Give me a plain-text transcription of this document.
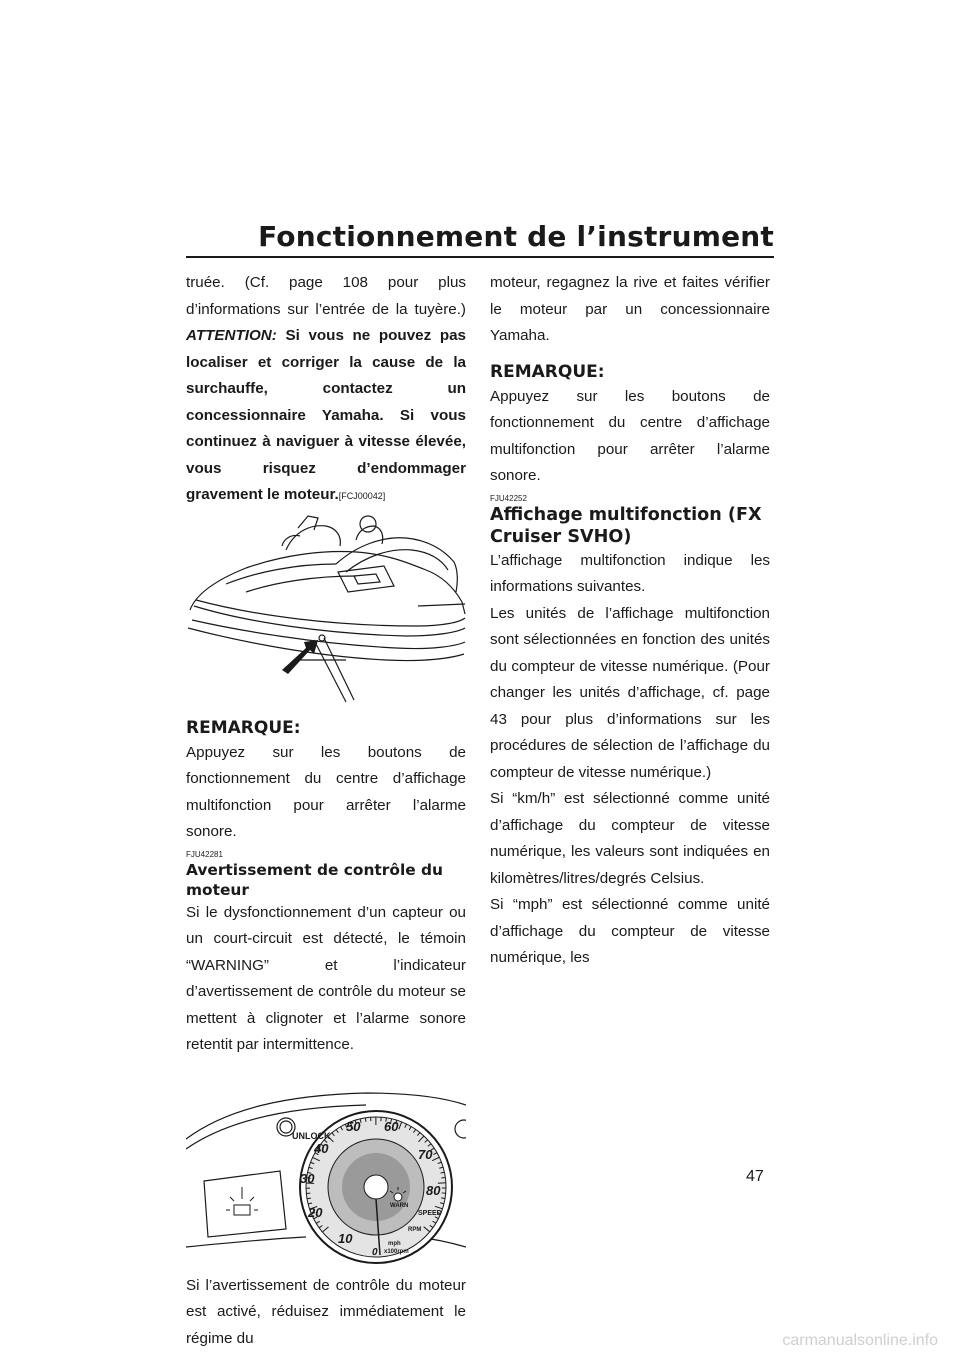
Fonctionnement de l’instrument

truée. (Cf. page 108 pour plus d’informations sur l’entrée de la tuyère.) ATTENTION: Si vous ne pouvez pas localiser et corriger la cause de la surchauffe, contactez un concessionnaire Yamaha. Si vous continuez à naviguer à vitesse élevée, vous risquez d’endommager gravement le moteur.[FCJ00042]

REMARQUE:

Appuyez sur les boutons de fonctionnement du centre d’affichage multifonction pour arrêter l’alarme sonore.

FJU42281
Avertissement de contrôle du moteur

Si le dysfonctionnement d’un capteur ou un court-circuit est détecté, le témoin “WARNING” et l’indicateur d’avertissement de contrôle du moteur se mettent à clignoter et l’alarme sonore retentit par intermittence.

UNLOCK
10
20
30
40
50 60
70
80
0
WARN
SPEED
RPM
mph
x100rpm

Si l’avertissement de contrôle du moteur est activé, réduisez immédiatement le régime du

moteur, regagnez la rive et faites vérifier le moteur par un concessionnaire Yamaha.

REMARQUE:

Appuyez sur les boutons de fonctionnement du centre d’affichage multifonction pour arrêter l’alarme sonore.

FJU42252
Affichage multifonction (FX Cruiser SVHO)

L’affichage multifonction indique les informations suivantes.

Les unités de l’affichage multifonction sont sélectionnées en fonction des unités du compteur de vitesse numérique. (Pour changer les unités d’affichage, cf. page 43 pour plus d’informations sur les procédures de sélection de l’affichage du compteur de vitesse numérique.)

Si “km/h” est sélectionné comme unité d’affichage du compteur de vitesse numérique, les valeurs sont indiquées en kilomètres/litres/degrés Celsius.

Si “mph” est sélectionné comme unité d’affichage du compteur de vitesse numérique, les

47
carmanualsonline.info
